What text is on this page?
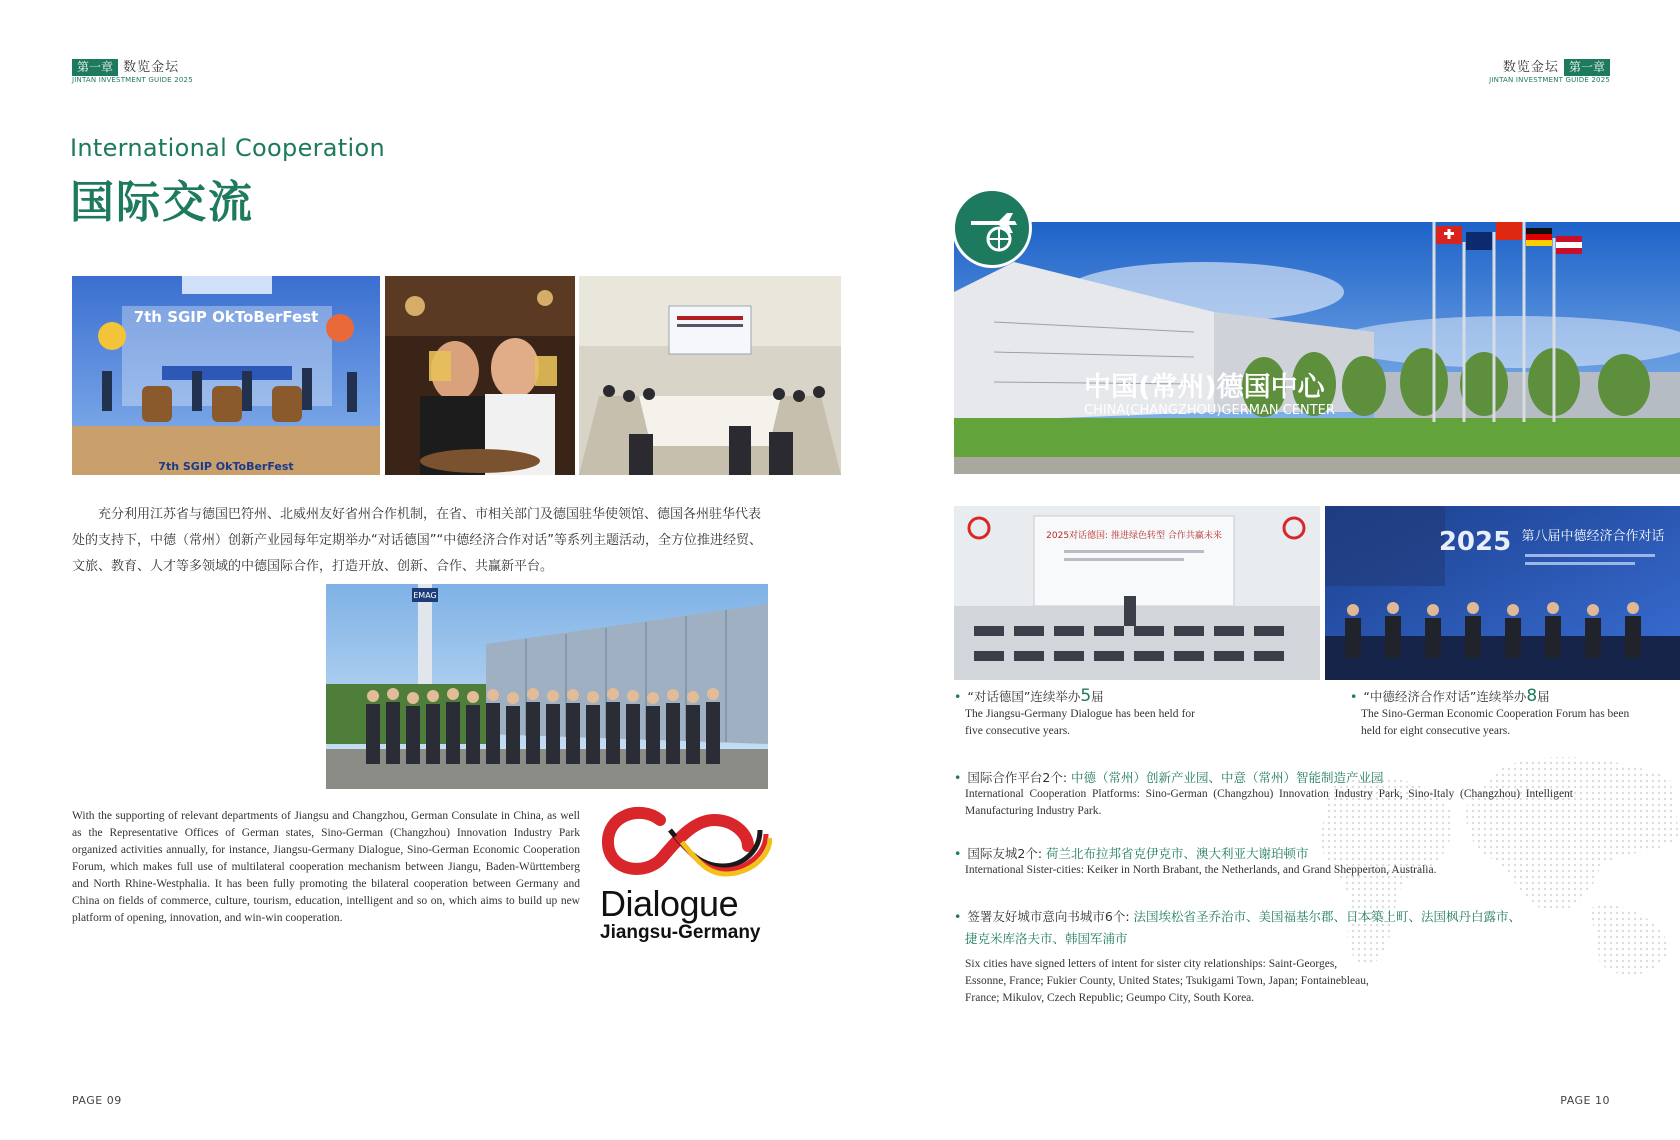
第一章 数览金坛
JINTAN INVESTMENT GUIDE 2025
数览金坛 第一章
JINTAN INVESTMENT GUIDE 2025
International Cooperation
国际交流
7th SGIP OkToBerFest
7th SGIP OkToBerFest
充分利用江苏省与德国巴符州、北威州友好省州合作机制，在省、市相关部门及德国驻华使领馆、德国各州驻华代表处的支持下，中德（常州）创新产业园每年定期举办“对话德国”“中德经济合作对话”等系列主题活动，全方位推进经贸、文旅、教育、人才等多领域的中德国际合作，打造开放、创新、合作、共赢新平台。
EMAG
With the supporting of relevant departments of Jiangsu and Changzhou, German Consulate in China, as well as the Representative Offices of German states, Sino-German (Changzhou) Innovation Industry Park organized activities annually, for instance, Jiangsu-Germany Dialogue, Sino-German Economic Cooperation Forum, which makes full use of multilateral cooperation mechanism between Jiangu, Baden-Württemberg and North Rhine-Westphalia. It has been fully promoting the bilateral cooperation between Germany and China on fields of commerce, culture, tourism, education, intelligent and so on, which aims to build up new platform of opening, innovation, and win-win cooperation.	Dialogue
Jiangsu-Germany
PAGE 09	PAGE 10
中国(常州)德国中心
CHINA(CHANGZHOU)GERMAN CENTER
2025对话德国: 推进绿色转型 合作共赢未来	2025 第八届中德经济合作对话
• “对话德国”连续举办5届
The Jiangsu-Germany Dialogue has been held for five consecutive years.
• “中德经济合作对话”连续举办8届
The Sino-German Economic Cooperation Forum has been held for eight consecutive years.
• 国际合作平台2个: 中德（常州）创新产业园、中意（常州）智能制造产业园
International Cooperation Platforms: Sino-German (Changzhou) Innovation Industry Park, Sino-Italy (Changzhou) Intelligent Manufacturing Industry Park.
• 国际友城2个: 荷兰北布拉邦省克伊克市、澳大利亚大谢珀顿市
International Sister-cities: Keiker in North Brabant, the Netherlands, and Grand Shepperton, Australia.
• 签署友好城市意向书城市6个: 法国埃松省圣乔治市、美国福基尔郡、日本築上町、法国枫丹白露市、
捷克米库洛夫市、韩国军浦市
Six cities have signed letters of intent for sister city relationships: Saint-Georges, Essonne, France; Fukier County, United States; Tsukigami Town, Japan; Fontainebleau, France; Mikulov, Czech Republic; Geumpo City, South Korea.
